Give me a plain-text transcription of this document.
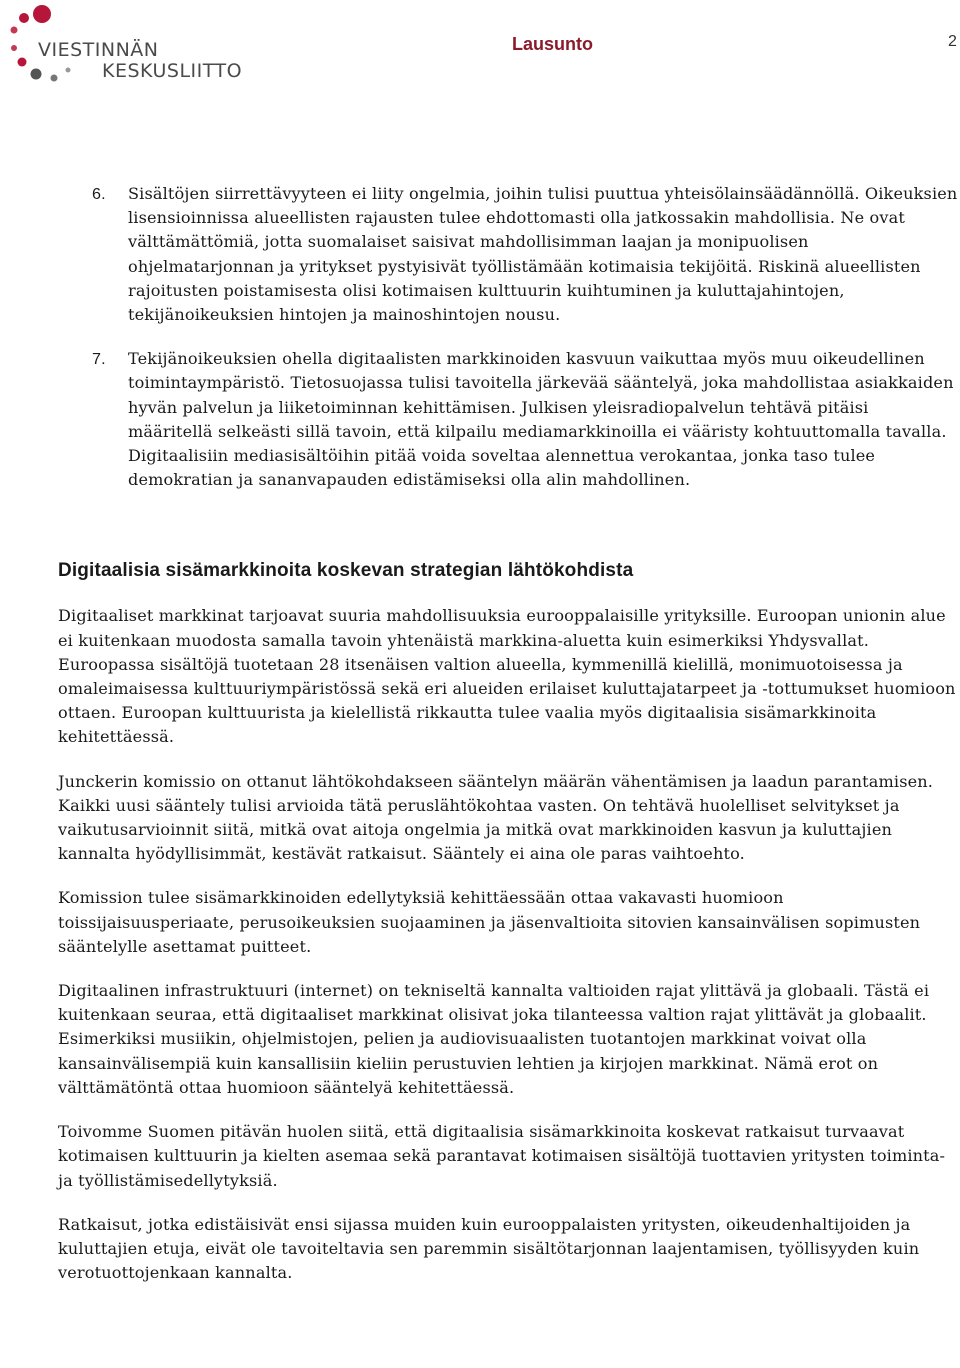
VIESTINNÄN
KESKUSLIITTO
Lausunto	2
6. Sisältöjen siirrettävyyteen ei liity ongelmia, joihin tulisi puuttua yhteisölainsäädännöllä. Oikeuksien lisensioinnissa alueellisten rajausten tulee ehdottomasti olla jatkossakin mahdollisia. Ne ovat välttämättömiä, jotta suomalaiset saisivat mahdollisimman laajan ja monipuolisen ohjelmatarjonnan ja yritykset pystyisivät työllistämään kotimaisia tekijöitä. Riskinä alueellisten rajoitusten poistamisesta olisi kotimaisen kulttuurin kuihtuminen ja kuluttajahintojen, tekijänoikeuksien hintojen ja mainoshintojen nousu.
7. Tekijänoikeuksien ohella digitaalisten markkinoiden kasvuun vaikuttaa myös muu oikeudellinen toimintaympäristö. Tietosuojassa tulisi tavoitella järkevää sääntelyä, joka mahdollistaa asiakkaiden hyvän palvelun ja liiketoiminnan kehittämisen. Julkisen yleisradiopalvelun tehtävä pitäisi määritellä selkeästi sillä tavoin, että kilpailu mediamarkkinoilla ei vääristy kohtuuttomalla tavalla. Digitaalisiin mediasisältöihin pitää voida soveltaa alennettua verokantaa, jonka taso tulee demokratian ja sananvapauden edistämiseksi olla alin mahdollinen.
Digitaalisia sisämarkkinoita koskevan strategian lähtökohdista

Digitaaliset markkinat tarjoavat suuria mahdollisuuksia eurooppalaisille yrityksille. Euroopan unionin alue ei kuitenkaan muodosta samalla tavoin yhtenäistä markkina-aluetta kuin esimerkiksi Yhdysvallat. Euroopassa sisältöjä tuotetaan 28 itsenäisen valtion alueella, kymmenillä kielillä, monimuotoisessa ja omaleimaisessa kulttuuriympäristössä sekä eri alueiden erilaiset kuluttajatarpeet ja -tottumukset huomioon ottaen. Euroopan kulttuurista ja kielellistä rikkautta tulee vaalia myös digitaalisia sisämarkkinoita kehitettäessä.

Junckerin komissio on ottanut lähtökohdakseen sääntelyn määrän vähentämisen ja laadun parantamisen. Kaikki uusi sääntely tulisi arvioida tätä peruslähtökohtaa vasten. On tehtävä huolelliset selvitykset ja vaikutusarvioinnit siitä, mitkä ovat aitoja ongelmia ja mitkä ovat markkinoiden kasvun ja kuluttajien kannalta hyödyllisimmät, kestävät ratkaisut. Sääntely ei aina ole paras vaihtoehto.

Komission tulee sisämarkkinoiden edellytyksiä kehittäessään ottaa vakavasti huomioon toissijaisuusperiaate, perusoikeuksien suojaaminen ja jäsenvaltioita sitovien kansainvälisen sopimusten sääntelylle asettamat puitteet.

Digitaalinen infrastruktuuri (internet) on tekniseltä kannalta valtioiden rajat ylittävä ja globaali. Tästä ei kuitenkaan seuraa, että digitaaliset markkinat olisivat joka tilanteessa valtion rajat ylittävät ja globaalit. Esimerkiksi musiikin, ohjelmistojen, pelien ja audiovisuaalisten tuotantojen markkinat voivat olla kansainvälisempiä kuin kansallisiin kieliin perustuvien lehtien ja kirjojen markkinat. Nämä erot on välttämätöntä ottaa huomioon sääntelyä kehitettäessä.

Toivomme Suomen pitävän huolen siitä, että digitaalisia sisämarkkinoita koskevat ratkaisut turvaavat kotimaisen kulttuurin ja kielten asemaa sekä parantavat kotimaisen sisältöjä tuottavien yritysten toiminta- ja työllistämisedellytyksiä.

Ratkaisut, jotka edistäisivät ensi sijassa muiden kuin eurooppalaisten yritysten, oikeudenhaltijoiden ja kuluttajien etuja, eivät ole tavoiteltavia sen paremmin sisältötarjonnan laajentamisen, työllisyyden kuin verotuottojenkaan kannalta.
